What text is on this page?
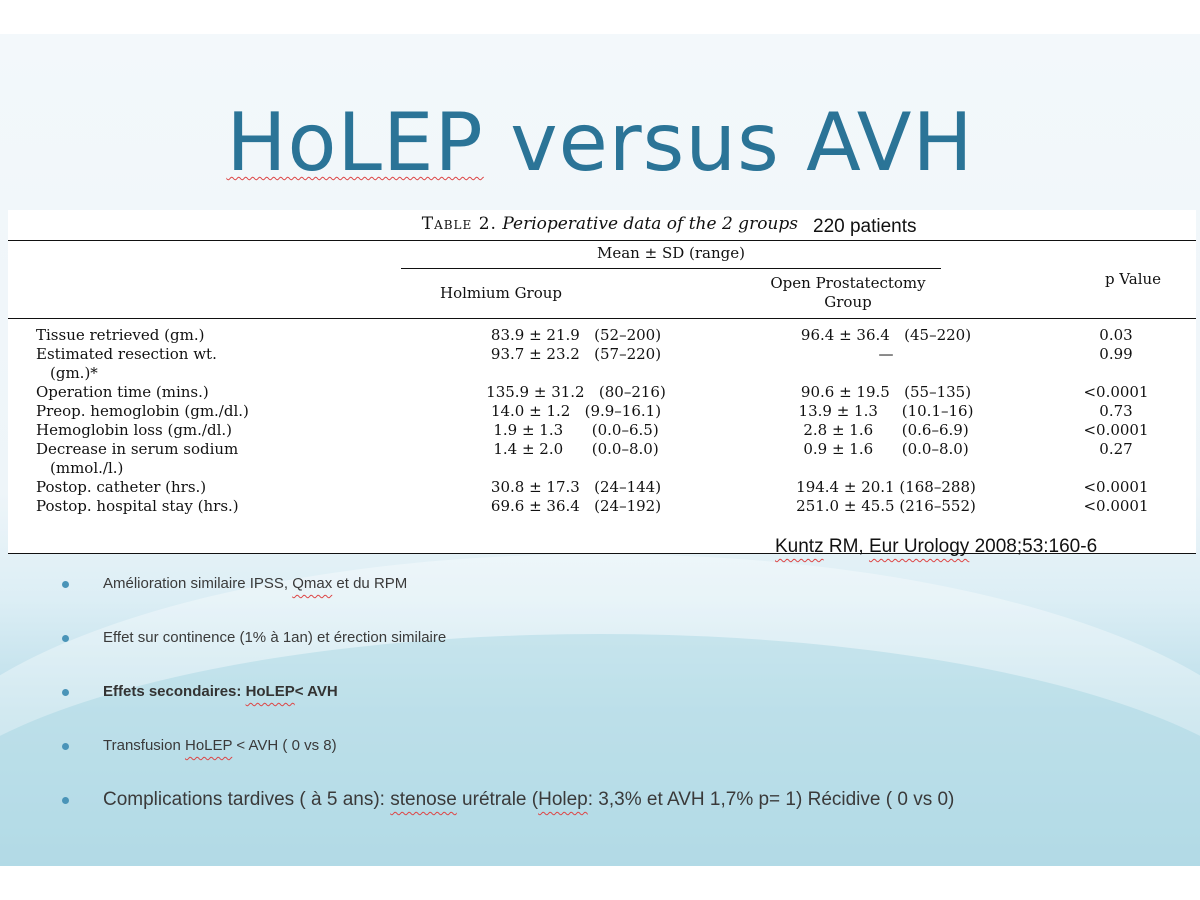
HoLEP versus AVH
Table 2. Perioperative data of the 2 groups 220 patients
Mean ± SD (range)
Holmium Group
Open Prostatectomy
Group
p Value
Tissue retrieved (gm.)	83.9 ± 21.9   (52–200)	96.4 ± 36.4   (45–220)	0.03
Estimated resection wt.
(gm.)*	93.7 ± 23.2   (57–220)	—	0.99
Operation time (mins.)	135.9 ± 31.2   (80–216)	90.6 ± 19.5   (55–135)	<0.0001
Preop. hemoglobin (gm./dl.)	14.0 ± 1.2   (9.9–16.1)	13.9 ± 1.3     (10.1–16)	0.73
Hemoglobin loss (gm./dl.)	1.9 ± 1.3      (0.0–6.5)	2.8 ± 1.6      (0.6–6.9)	<0.0001
Decrease in serum sodium
(mmol./l.)	1.4 ± 2.0      (0.0–8.0)	0.9 ± 1.6      (0.0–8.0)	0.27
Postop. catheter (hrs.)	30.8 ± 17.3   (24–144)	194.4 ± 20.1 (168–288)	<0.0001
Postop. hospital stay (hrs.)	69.6 ± 36.4   (24–192)	251.0 ± 45.5 (216–552)	<0.0001
Kuntz RM, Eur Urology 2008;53:160-6
Amélioration similaire IPSS, Qmax et du RPM
Effet sur continence (1% à 1an) et érection similaire
Effets secondaires: HoLEP< AVH
Transfusion HoLEP < AVH ( 0 vs 8)
Complications tardives ( à 5 ans): stenose urétrale (Holep: 3,3% et AVH 1,7% p= 1) Récidive ( 0 vs 0)
